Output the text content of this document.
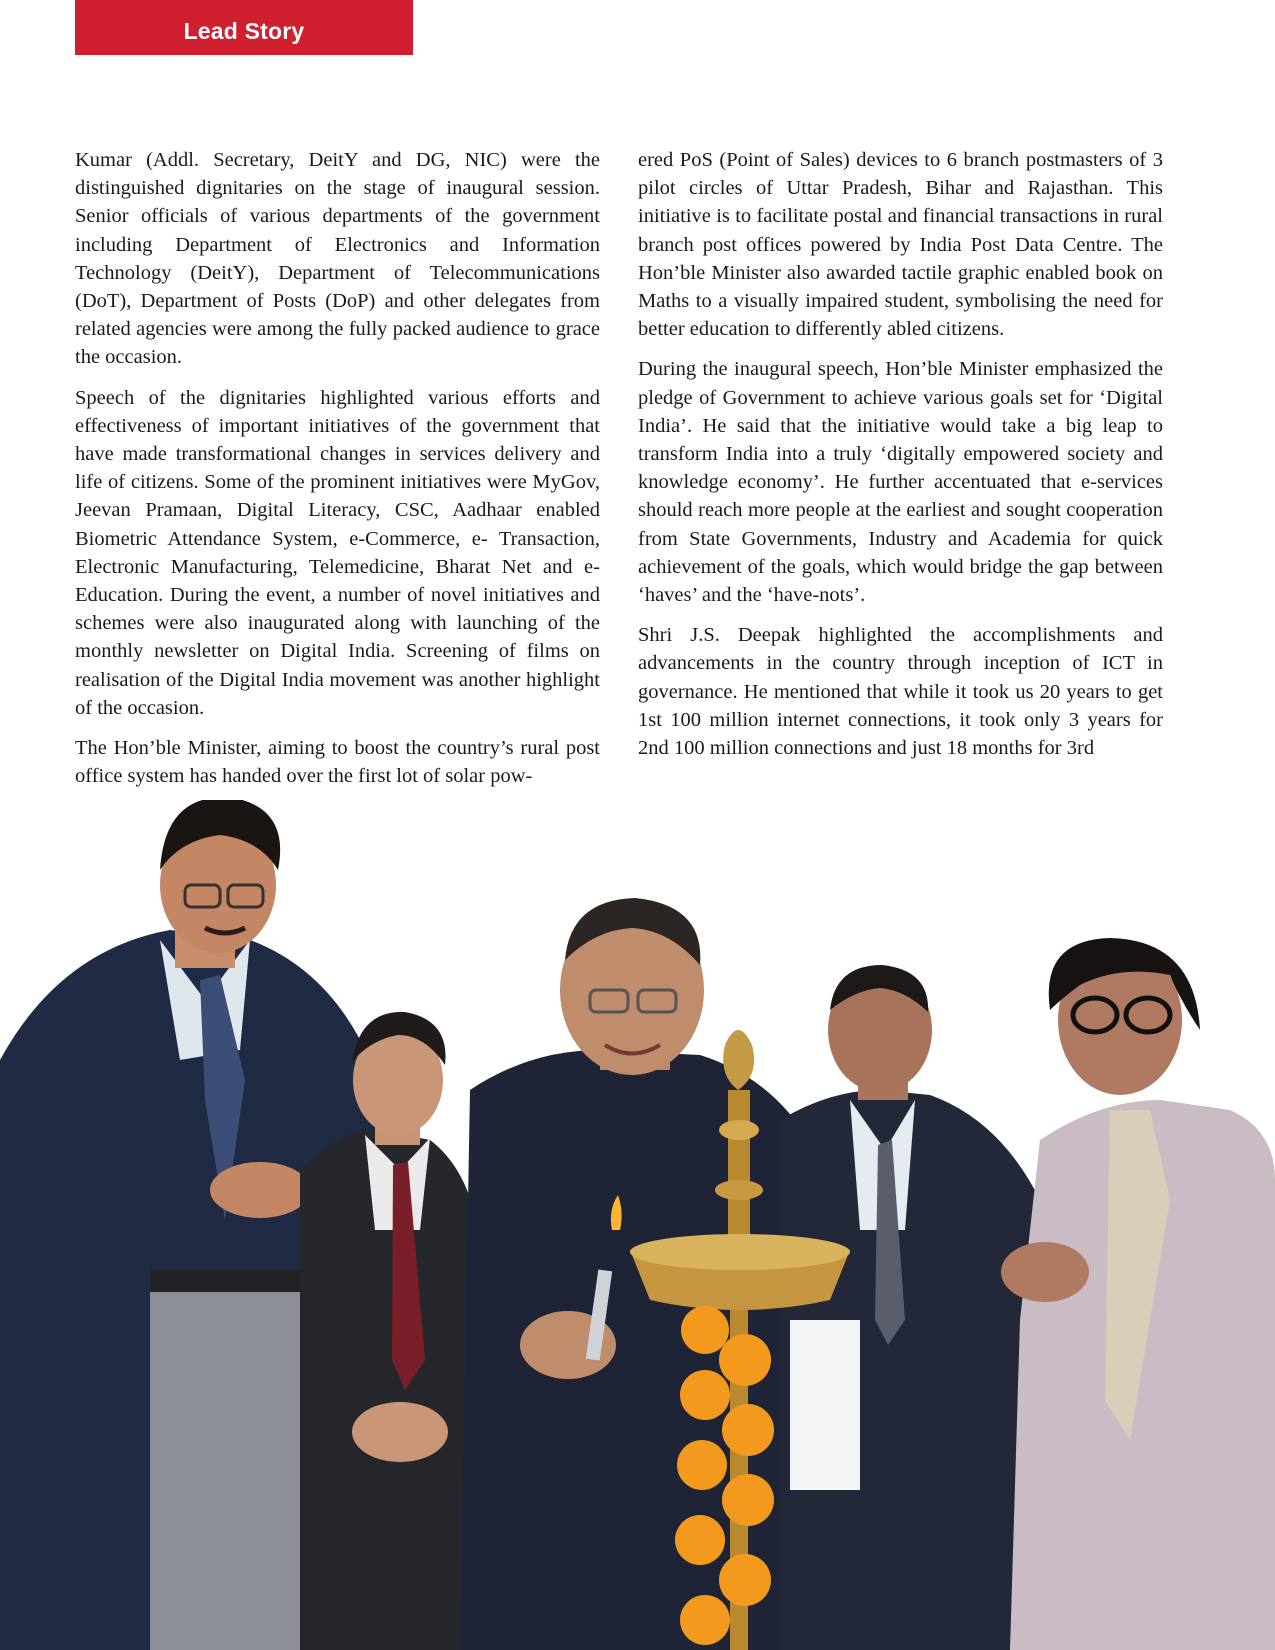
Lead Story

Kumar (Addl. Secretary, DeitY and DG, NIC) were the distinguished dignitaries on the stage of inaugural session. Senior officials of various departments of the government including Department of Electronics and Information Technology (DeitY), Department of Telecommunications (DoT), Department of Posts (DoP) and other delegates from related agencies were among the fully packed audience to grace the occasion.

Speech of the dignitaries highlighted various efforts and effectiveness of important initiatives of the government that have made transformational changes in services delivery and life of citizens. Some of the prominent initiatives were MyGov, Jeevan Pramaan, Digital Literacy, CSC, Aadhaar enabled Biometric Attendance System, e-Commerce, e- Transaction, Electronic Manufacturing, Telemedicine, Bharat Net and e-Education. During the event, a number of novel initiatives and schemes were also inaugurated along with launching of the monthly newsletter on Digital India. Screening of films on realisation of the Digital India movement was another highlight of the occasion.

The Hon’ble Minister, aiming to boost the country’s rural post office system has handed over the first lot of solar pow-

ered PoS (Point of Sales) devices to 6 branch postmasters of 3 pilot circles of Uttar Pradesh, Bihar and Rajasthan. This initiative is to facilitate postal and financial transactions in rural branch post offices powered by India Post Data Centre. The Hon’ble Minister also awarded tactile graphic enabled book on Maths to a visually impaired student, symbolising the need for better education to differently abled citizens.

During the inaugural speech, Hon’ble Minister emphasized the pledge of Government to achieve various goals set for ‘Digital India’. He said that the initiative would take a big leap to transform India into a truly ‘digitally empowered society and knowledge economy’. He further accentuated that e-services should reach more people at the earliest and sought cooperation from State Governments, Industry and Academia for quick achievement of the goals, which would bridge the gap between ‘haves’ and the ‘have-nots’.

Shri J.S. Deepak highlighted the accomplishments and advancements in the country through inception of ICT in governance. He mentioned that while it took us 20 years to get 1st 100 million internet connections, it took only 3 years for 2nd 100 million connections and just 18 months for 3rd
